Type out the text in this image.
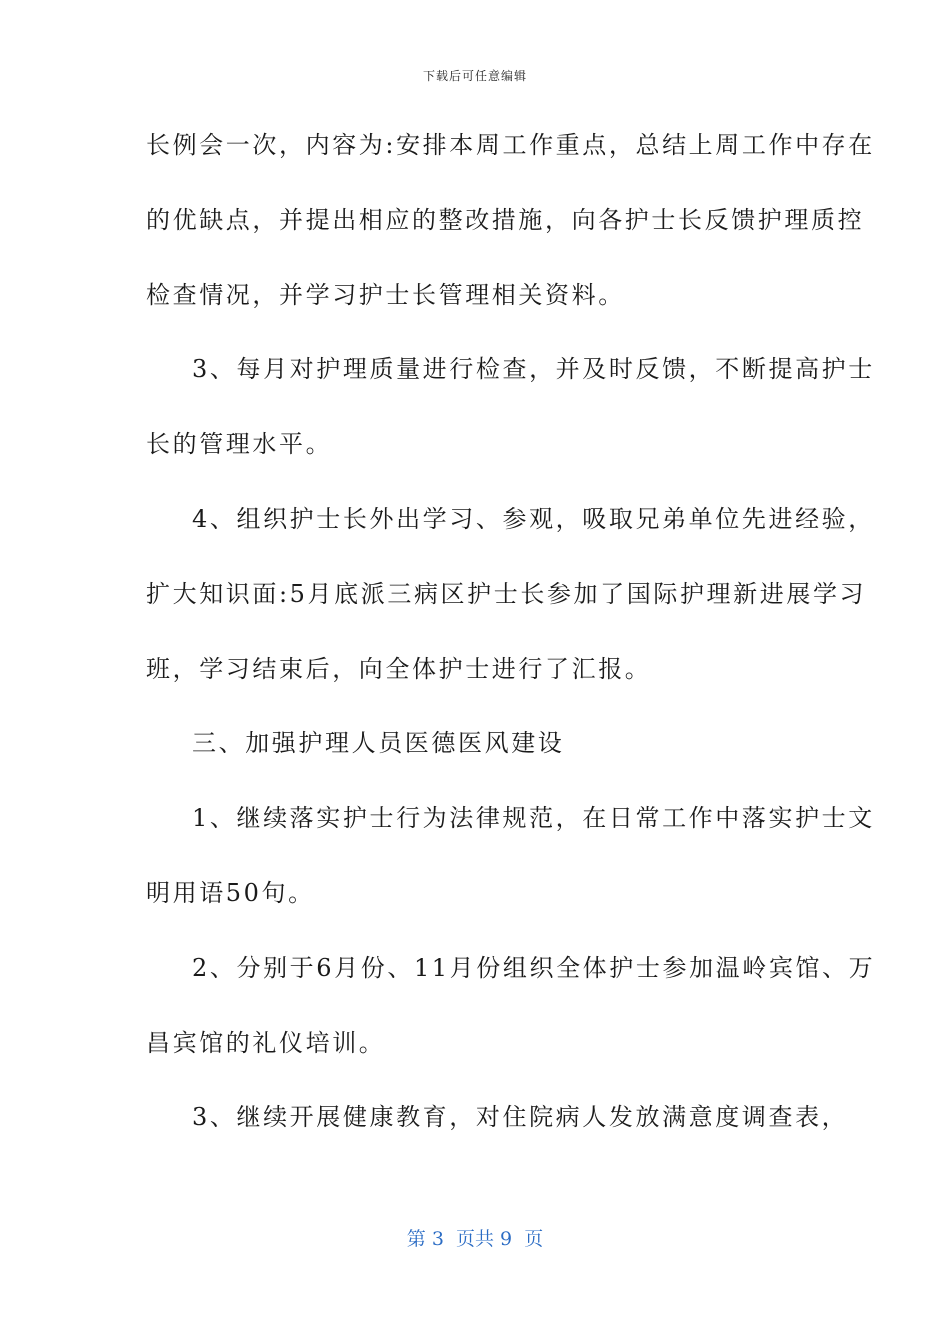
下载后可任意编辑
长例会一次，内容为:安排本周工作重点，总结上周工作中存在
的优缺点，并提出相应的整改措施，向各护士长反馈护理质控
检查情况，并学习护士长管理相关资料。
3、每月对护理质量进行检查，并及时反馈，不断提高护士
长的管理水平。
4、组织护士长外出学习、参观，吸取兄弟单位先进经验，
扩大知识面:5月底派三病区护士长参加了国际护理新进展学习
班，学习结束后，向全体护士进行了汇报。
三、加强护理人员医德医风建设
1、继续落实护士行为法律规范，在日常工作中落实护士文
明用语50句。
2、分别于6月份、11月份组织全体护士参加温岭宾馆、万
昌宾馆的礼仪培训。
3、继续开展健康教育，对住院病人发放满意度调查表，
第 3  页共 9  页
